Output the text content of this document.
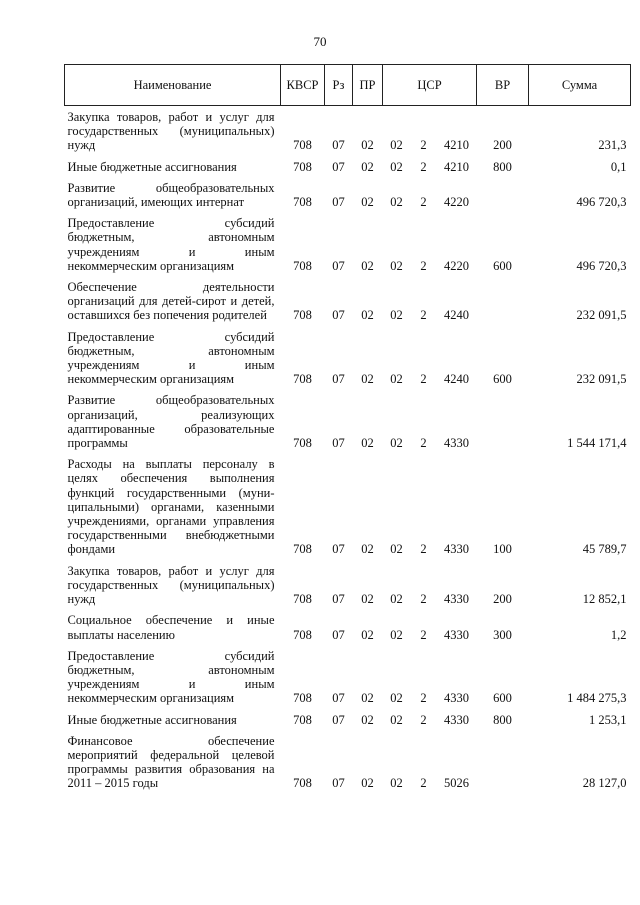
70
Наименование	КВСР	Рз	ПР	ЦСР			ВР	Сумма
Закупка товаров, работ и услуг для государственных (муниципальных) нужд	708	07	02	02	2	4210	200	231,3
Иные бюджетные ассигнования	708	07	02	02	2	4210	800	0,1
Развитие общеобразовательных организаций, имеющих интернат	708	07	02	02	2	4220		496 720,3
Предоставление субсидий бюджетным, автономным учреждениям и иным некоммерческим организациям	708	07	02	02	2	4220	600	496 720,3
Обеспечение деятельности организаций для детей-сирот и детей, оставшихся без попечения родителей	708	07	02	02	2	4240		232 091,5
Предоставление субсидий бюджетным, автономным учреждениям и иным некоммерческим организациям	708	07	02	02	2	4240	600	232 091,5
Развитие общеобразовательных организаций, реализующих адаптированные образовательные программы	708	07	02	02	2	4330		1 544 171,4
Расходы на выплаты персоналу в целях обеспечения выполнения функций государственными (муни-ципальными) органами, казенными учреждениями, органами управления государственными внебюджетными фондами	708	07	02	02	2	4330	100	45 789,7
Закупка товаров, работ и услуг для государственных (муниципальных) нужд	708	07	02	02	2	4330	200	12 852,1
Социальное обеспечение и иные выплаты населению	708	07	02	02	2	4330	300	1,2
Предоставление субсидий бюджетным, автономным учреждениям и иным некоммерческим организациям	708	07	02	02	2	4330	600	1 484 275,3
Иные бюджетные ассигнования	708	07	02	02	2	4330	800	1 253,1
Финансовое обеспечение мероприятий федеральной целевой программы развития образования на 2011 – 2015 годы	708	07	02	02	2	5026		28 127,0
